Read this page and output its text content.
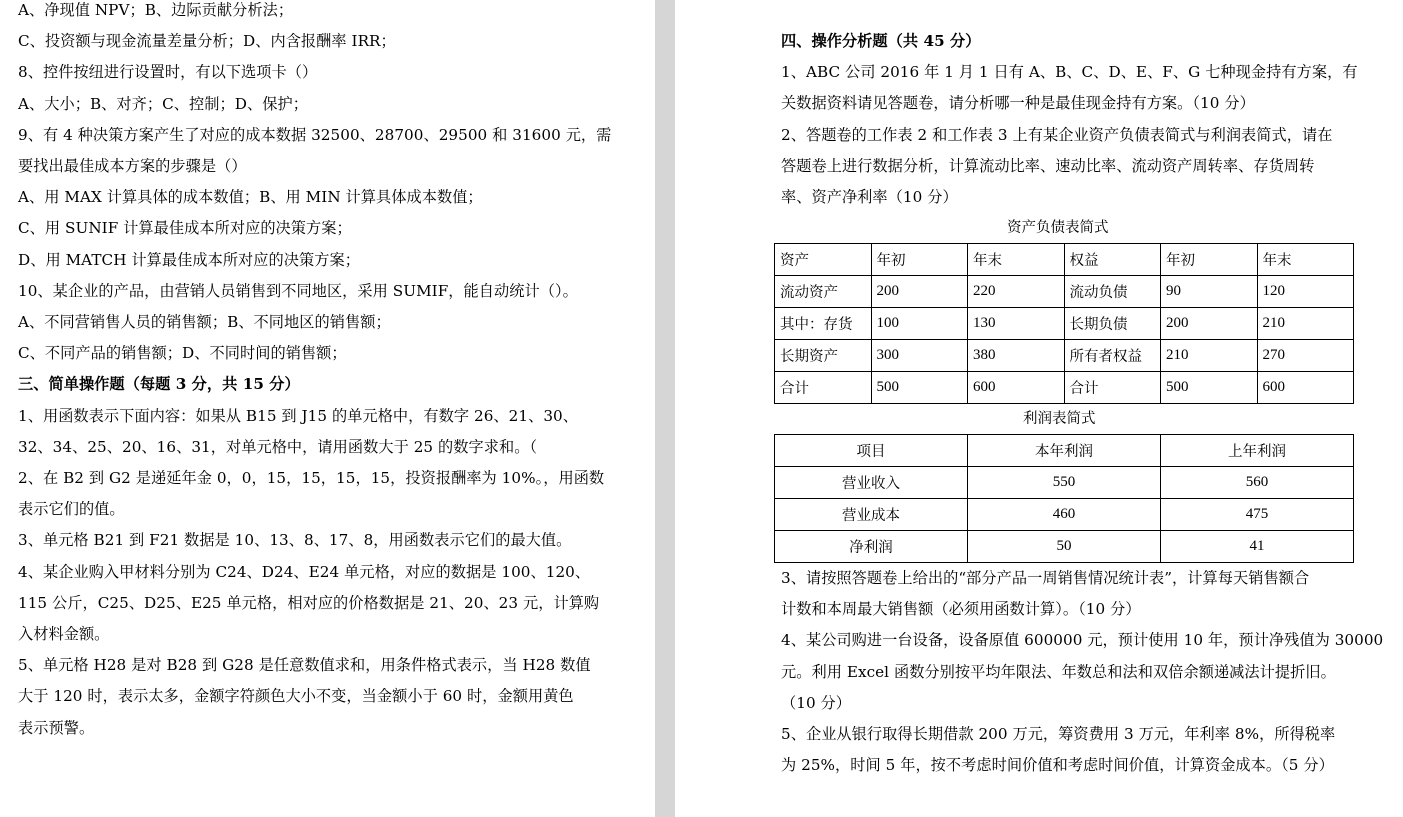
A、净现值 NPV；B、边际贡献分析法；
C、投资额与现金流量差量分析；D、内含报酬率 IRR；
8、控件按纽进行设置时，有以下选项卡（）
A、大小；B、对齐；C、控制；D、保护；
9、有 4 种决策方案产生了对应的成本数据 32500、28700、29500 和 31600 元，需
要找出最佳成本方案的步骤是（）
A、用 MAX 计算具体的成本数值；B、用 MIN 计算具体成本数值；
C、用 SUNIF 计算最佳成本所对应的决策方案；
D、用 MATCH 计算最佳成本所对应的决策方案；
10、某企业的产品，由营销人员销售到不同地区，采用 SUMIF，能自动统计（）。
A、不同营销售人员的销售额；B、不同地区的销售额；
C、不同产品的销售额；D、不同时间的销售额；
三、简单操作题（每题 3 分，共 15 分）
1、用函数表示下面内容：如果从 B15 到 J15 的单元格中，有数字 26、21、30、
32、34、25、20、16、31，对单元格中，请用函数大于 25 的数字求和。（
2、在 B2 到 G2 是递延年金 0，0，15，15，15，15，投资报酬率为 10%。，用函数
表示它们的值。
3、单元格 B21 到 F21 数据是 10、13、8、17、8，用函数表示它们的最大值。
4、某企业购入甲材料分别为 C24、D24、E24 单元格，对应的数据是 100、120、
115 公斤，C25、D25、E25 单元格，相对应的价格数据是 21、20、23 元，计算购
入材料金额。
5、单元格 H28 是对 B28 到 G28 是任意数值求和，用条件格式表示，当 H28 数值
大于 120 时，表示太多，金额字符颜色大小不变，当金额小于 60 时，金额用黄色
表示预警。
资产负债表简式
资产	年初	年末	权益	年初	年末
流动资产	200	220	流动负债	90	120
其中：存货	100	130	长期负债	200	210
长期资产	300	380	所有者权益	210	270
合计	500	600	合计	500	600
利润表简式
项目	本年利润	上年利润
营业收入	550	560
营业成本	460	475
净利润	50	41
四、操作分析题（共 45 分）
1、ABC 公司 2016 年 1 月 1 日有 A、B、C、D、E、F、G 七种现金持有方案，有
关数据资料请见答题卷，请分析哪一种是最佳现金持有方案。（10 分）
2、答题卷的工作表 2 和工作表 3 上有某企业资产负债表简式与利润表简式，请在
答题卷上进行数据分析，计算流动比率、速动比率、流动资产周转率、存货周转
率、资产净利率（10 分）
3、请按照答题卷上给出的“部分产品一周销售情况统计表”，计算每天销售额合
计数和本周最大销售额（必须用函数计算）。（10 分）
4、某公司购进一台设备，设备原值 600000 元，预计使用 10 年，预计净残值为 30000
元。利用 Excel 函数分别按平均年限法、年数总和法和双倍余额递减法计提折旧。
（10 分）
5、企业从银行取得长期借款 200 万元，筹资费用 3 万元，年利率 8%，所得税率
为 25%，时间 5 年，按不考虑时间价值和考虑时间价值，计算资金成本。（5 分）
